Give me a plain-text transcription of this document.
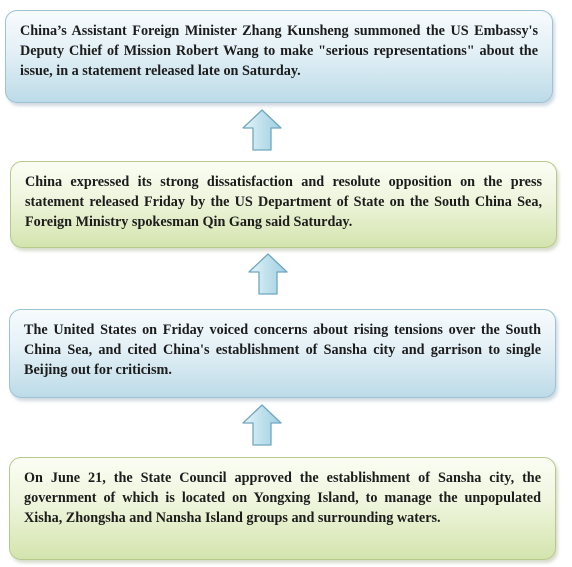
China’s Assistant Foreign Minister Zhang Kunsheng summoned the US Embassy's Deputy Chief of Mission Robert Wang to make "serious representations" about the issue, in a statement released late on Saturday.
China expressed its strong dissatisfaction and resolute opposition on the press statement released Friday by the US Department of State on the South China Sea, Foreign Ministry spokesman Qin Gang said Saturday.
The United States on Friday voiced concerns about rising tensions over the South China Sea, and cited China's establishment of Sansha city and garrison to single Beijing out for criticism.
On June 21, the State Council approved the establishment of Sansha city, the government of which is located on Yongxing Island, to manage the unpopulated Xisha, Zhongsha and Nansha Island groups and surrounding waters.
